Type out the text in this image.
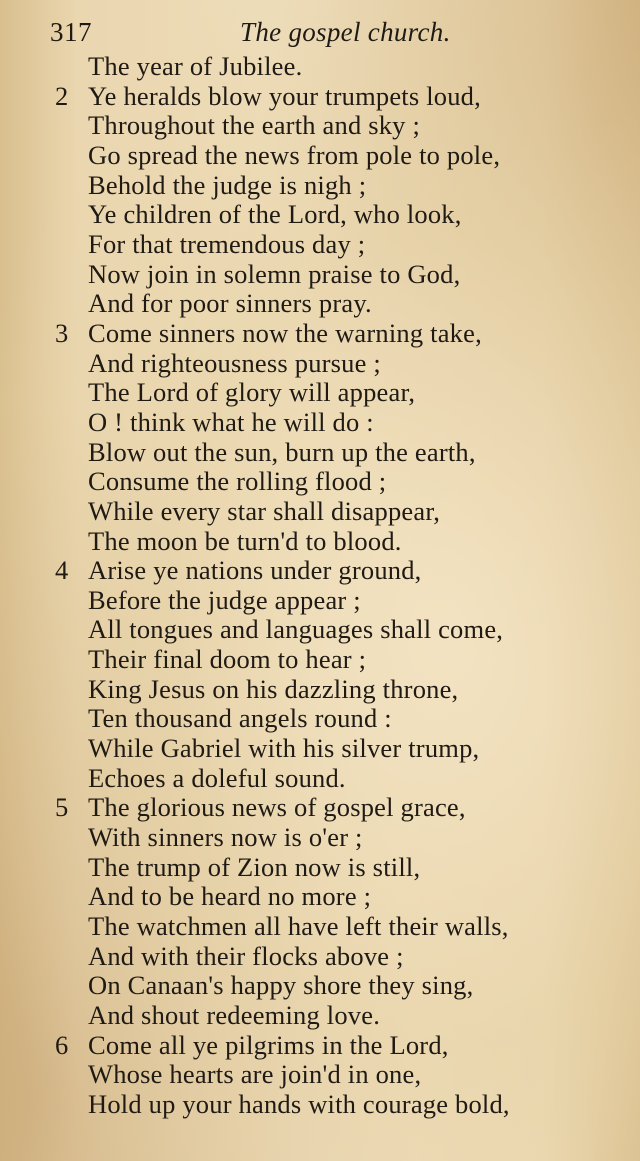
317	The gospel church.
The year of Jubilee.
2 Ye heralds blow your trumpets loud,
Throughout the earth and sky ;
Go spread the news from pole to pole,
Behold the judge is nigh ;
Ye children of the Lord, who look,
For that tremendous day ;
Now join in solemn praise to God,
And for poor sinners pray.
3 Come sinners now the warning take,
And righteousness pursue ;
The Lord of glory will appear,
O ! think what he will do :
Blow out the sun, burn up the earth,
Consume the rolling flood ;
While every star shall disappear,
The moon be turn'd to blood.
4 Arise ye nations under ground,
Before the judge appear ;
All tongues and languages shall come,
Their final doom to hear ;
King Jesus on his dazzling throne,
Ten thousand angels round :
While Gabriel with his silver trump,
Echoes a doleful sound.
5 The glorious news of gospel grace,
With sinners now is o'er ;
The trump of Zion now is still,
And to be heard no more ;
The watchmen all have left their walls,
And with their flocks above ;
On Canaan's happy shore they sing,
And shout redeeming love.
6 Come all ye pilgrims in the Lord,
Whose hearts are join'd in one,
Hold up your hands with courage bold,
